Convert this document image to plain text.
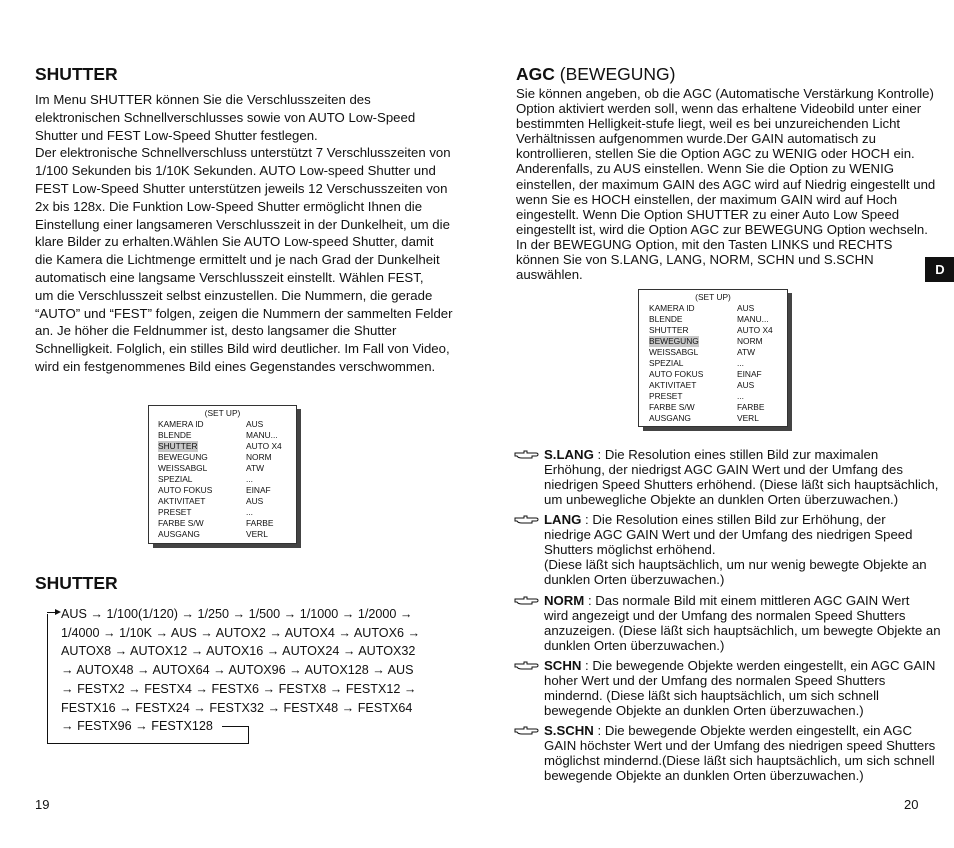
SHUTTER

Im Menu SHUTTER können Sie die Verschlusszeiten des

elektronischen Schnellverschlusses sowie von AUTO Low-Speed

Shutter und FEST Low-Speed Shutter festlegen.

Der elektronische Schnellverschluss unterstützt 7 Verschlusszeiten von

1/100 Sekunden bis 1/10K Sekunden. AUTO Low-speed Shutter und

FEST Low-Speed Shutter unterstützen jeweils 12 Verschusszeiten von

2x bis 128x. Die Funktion Low-Speed Shutter ermöglicht Ihnen die

Einstellung einer langsameren Verschlusszeit in der Dunkelheit, um die

klare Bilder zu erhalten.Wählen Sie AUTO Low-speed Shutter, damit

die Kamera die Lichtmenge ermittelt und je nach Grad der Dunkelheit

automatisch eine langsame Verschlusszeit einstellt. Wählen FEST,

um die Verschlusszeit selbst einzustellen. Die Nummern, die gerade

“AUTO” und “FEST” folgen, zeigen die Nummern der sammelten Felder

an. Je höher die Feldnummer ist, desto langsamer die Shutter

Schnelligkeit. Folglich, ein stilles Bild wird deutlicher. Im Fall von Video,

wird ein festgenommenes Bild eines Gegenstandes verschwommen.

(SET UP)
KAMERA ID	AUS
BLENDE	MANU...
SHUTTER	AUTO X4
BEWEGUNG	NORM
WEISSABGL	ATW
SPEZIAL	...
AUTO FOKUS	EINAF
AKTIVITAET	AUS
PRESET	...
FARBE S/W	FARBE
AUSGANG	VERL
SHUTTER
AUS → 1/100(1/120) → 1/250 → 1/500 → 1/1000 → 1/2000 →
1/4000 → 1/10K → AUS → AUTOX2 → AUTOX4 → AUTOX6 →
AUTOX8 → AUTOX12 → AUTOX16 → AUTOX24 → AUTOX32
→ AUTOX48 → AUTOX64 → AUTOX96 → AUTOX128 → AUS
→ FESTX2 → FESTX4 → FESTX6 → FESTX8 → FESTX12 →
FESTX16 → FESTX24 → FESTX32 → FESTX48 → FESTX64
→ FESTX96 → FESTX128
19
AGC (BEWEGUNG)

Sie können angeben, ob die AGC (Automatische Verstärkung Kontrolle)

Option aktiviert werden soll, wenn das erhaltene Videobild unter einer

bestimmten Helligkeit-stufe liegt, weil es bei unzureichenden Licht

Verhältnissen aufgenommen wurde.Der GAIN automatisch zu

kontrollieren, stellen Sie die Option AGC zu WENIG oder HOCH ein.

Anderenfalls, zu AUS einstellen. Wenn Sie die Option zu WENIG

einstellen, der maximum GAIN des AGC wird auf Niedrig eingestellt und

wenn Sie es HOCH einstellen, der maximum GAIN wird auf Hoch

eingestellt. Wenn Die Option SHUTTER zu einer Auto Low Speed

eingestellt ist, wird die Option AGC zur BEWEGUNG Option wechseln.

In der BEWEGUNG Option, mit den Tasten LINKS und RECHTS

können Sie von S.LANG, LANG, NORM, SCHN und S.SCHN

auswählen.	D
(SET UP)
KAMERA ID	AUS
BLENDE	MANU...
SHUTTER	AUTO X4
BEWEGUNG	NORM
WEISSABGL	ATW
SPEZIAL	...
AUTO FOKUS	EINAF
AKTIVITAET	AUS
PRESET	...
FARBE S/W	FARBE
AUSGANG	VERL
S.LANG : Die Resolution eines stillen Bild zur maximalen
Erhöhung, der niedrigst AGC GAIN Wert und der Umfang des
niedrigen Speed Shutters erhöhend. (Diese läßt sich hauptsächlich,
um unbewegliche Objekte an dunklen Orten überzuwachen.)
LANG : Die Resolution eines stillen Bild zur Erhöhung, der
niedrige AGC GAIN Wert und der Umfang des niedrigen Speed
Shutters möglichst erhöhend.
(Diese läßt sich hauptsächlich, um nur wenig bewegte Objekte an
dunklen Orten überzuwachen.)
NORM : Das normale Bild mit einem mittleren AGC GAIN Wert
wird angezeigt und der Umfang des normalen Speed Shutters
anzuzeigen. (Diese läßt sich hauptsächlich, um bewegte Objekte an
dunklen Orten überzuwachen.)
SCHN : Die bewegende Objekte werden eingestellt, ein AGC GAIN
hoher Wert und der Umfang des normalen Speed Shutters
mindernd. (Diese läßt sich hauptsächlich, um sich schnell
bewegende Objekte an dunklen Orten überzuwachen.)
S.SCHN : Die bewegende Objekte werden eingestellt, ein AGC
GAIN höchster Wert und der Umfang des niedrigen speed Shutters
möglichst mindernd.(Diese läßt sich hauptsächlich, um sich schnell
bewegende Objekte an dunklen Orten überzuwachen.)
20
